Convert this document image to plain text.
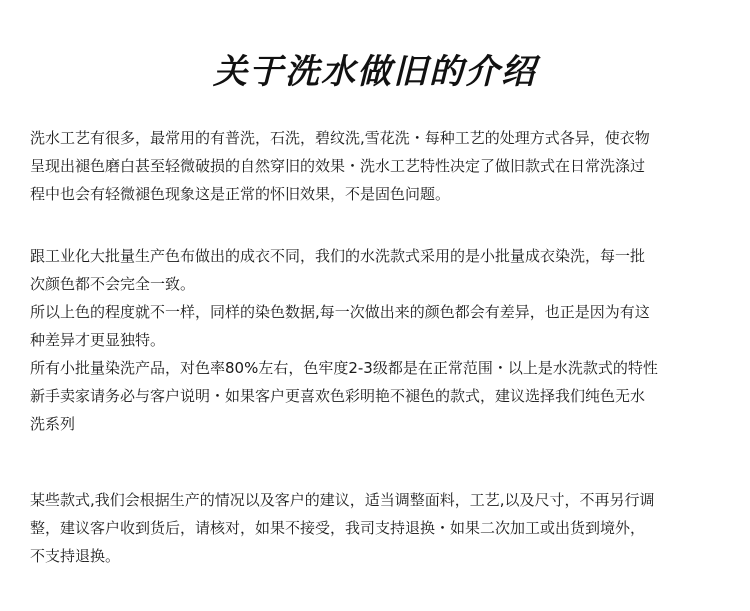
关于洗水做旧的介绍
洗水工艺有很多，最常用的有普洗，石洗，碧纹洗,雪花洗・每种工艺的处理方式各异，使衣物
呈现出褪色磨白甚至轻微破损的自然穿旧的效果・洗水工艺特性决定了做旧款式在日常洗涤过
程中也会有轻微褪色现象这是正常的怀旧效果，不是固色问题。
跟工业化大批量生产色布做出的成衣不同，我们的水洗款式采用的是小批量成衣染洗，每一批
次颜色都不会完全一致。
所以上色的程度就不一样，同样的染色数据,每一次做出来的颜色都会有差异，也正是因为有这
种差异才更显独特。
所有小批量染洗产品，对色率80%左右，色牢度2-3级都是在正常范围・以上是水洗款式的特性
新手卖家请务必与客户说明・如果客户更喜欢色彩明艳不褪色的款式，建议选择我们纯色无水
洗系列
某些款式,我们会根据生产的情况以及客户的建议，适当调整面料，工艺,以及尺寸，不再另行调
整，建议客户收到货后，请核对，如果不接受，我司支持退换・如果二次加工或出货到境外，
不支持退换。
